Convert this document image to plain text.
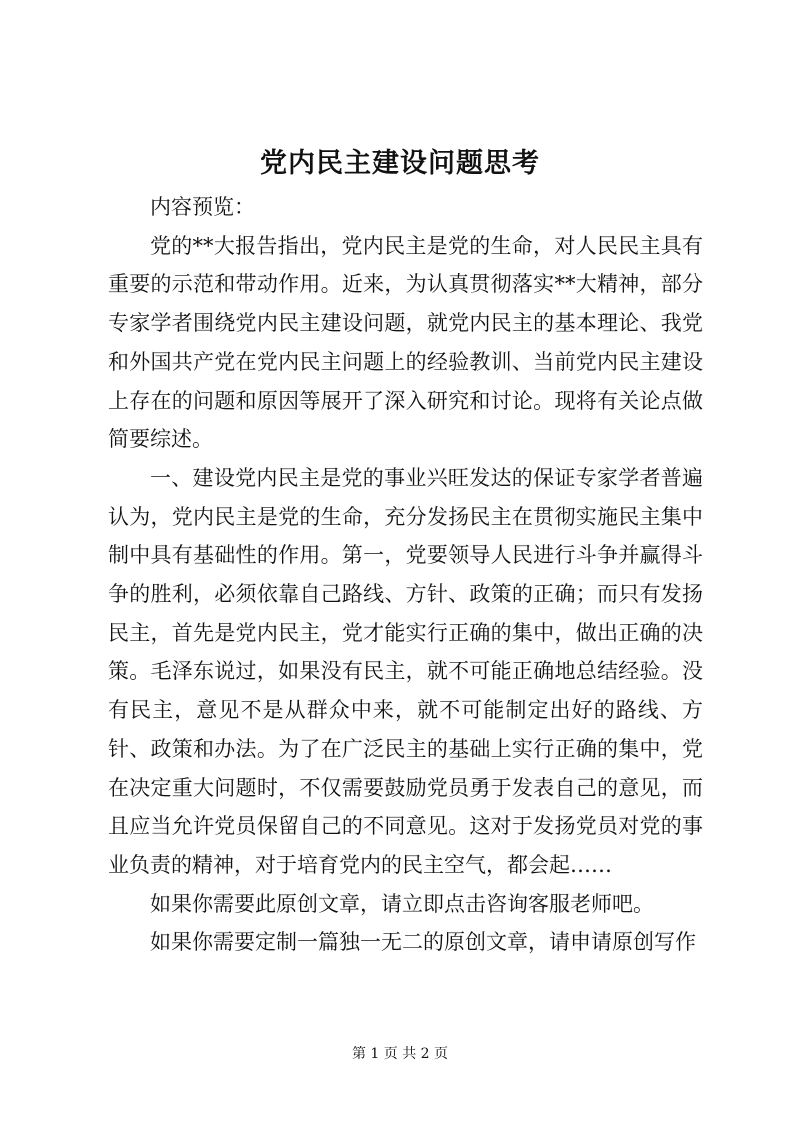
党内民主建设问题思考

内容预览：

党的**大报告指出，党内民主是党的生命，对人民民主具有重要的示范和带动作用。近来，为认真贯彻落实**大精神，部分专家学者围绕党内民主建设问题，就党内民主的基本理论、我党和外国共产党在党内民主问题上的经验教训、当前党内民主建设上存在的问题和原因等展开了深入研究和讨论。现将有关论点做简要综述。

一、建设党内民主是党的事业兴旺发达的保证专家学者普遍认为，党内民主是党的生命，充分发扬民主在贯彻实施民主集中制中具有基础性的作用。第一，党要领导人民进行斗争并赢得斗争的胜利，必须依靠自己路线、方针、政策的正确；而只有发扬民主，首先是党内民主，党才能实行正确的集中，做出正确的决策。毛泽东说过，如果没有民主，就不可能正确地总结经验。没有民主，意见不是从群众中来，就不可能制定出好的路线、方针、政策和办法。为了在广泛民主的基础上实行正确的集中，党在决定重大问题时，不仅需要鼓励党员勇于发表自己的意见，而且应当允许党员保留自己的不同意见。这对于发扬党员对党的事业负责的精神，对于培育党内的民主空气，都会起……

如果你需要此原创文章，请立即点击咨询客服老师吧。

如果你需要定制一篇独一无二的原创文章，请申请原创写作

第 1 页 共 2 页
